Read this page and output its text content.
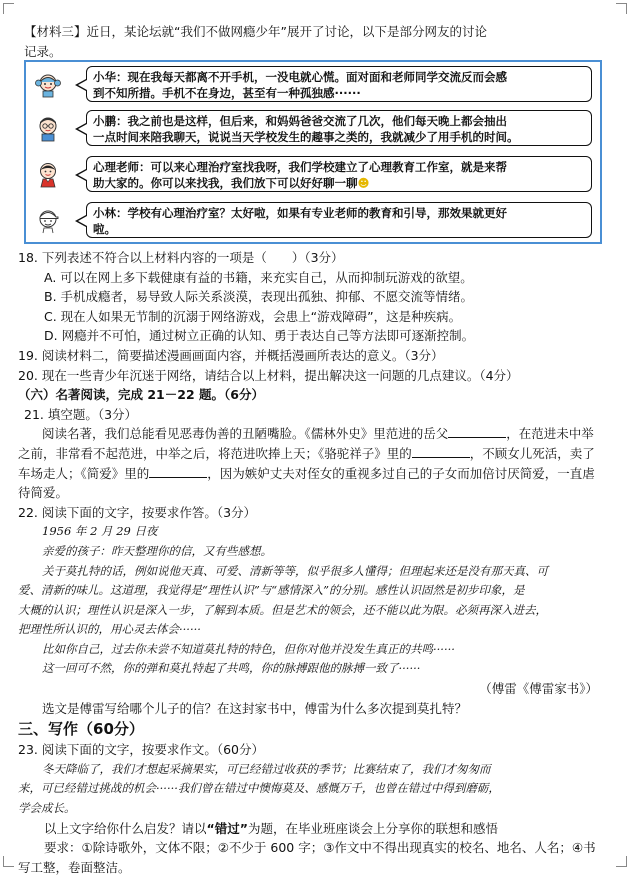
【材料三】近日，某论坛就“我们不做网瘾少年”展开了讨论，以下是部分网友的讨论
记录。
小华：现在我每天都离不开手机，一没电就心慌。面对面和老师同学交流反而会感
到不知所措。手机不在身边，甚至有一种孤独感······
小鹏：我之前也是这样，但后来，和妈妈爸爸交流了几次，他们每天晚上都会抽出
一点时间来陪我聊天，说说当天学校发生的趣事之类的，我就减少了用手机的时间。
心理老师：可以来心理治疗室找我呀，我们学校建立了心理教育工作室，就是来帮
助大家的。你可以来找我，我们放下可以好好聊一聊☻
小林：学校有心理治疗室？太好啦，如果有专业老师的教育和引导，那效果就更好
啦。
18. 下列表述不符合以上材料内容的一项是（　　）（3分）
A. 可以在网上多下载健康有益的书籍，来充实自己，从而抑制玩游戏的欲望。
B. 手机成瘾者，易导致人际关系淡漠，表现出孤独、抑郁、不愿交流等情绪。
C. 现在人如果无节制的沉溺于网络游戏，会患上“游戏障碍”，这是种疾病。
D. 网瘾并不可怕，通过树立正确的认知、勇于表达自己等方法即可逐渐控制。
19. 阅读材料二，简要描述漫画画面内容，并概括漫画所表达的意义。（3分）
20. 现在一些青少年沉迷于网络，请结合以上材料，提出解决这一问题的几点建议。（4分）
（六）名著阅读，完成 21－22 题。（6分）
21. 填空题。（3分）
阅读名著，我们总能看见恶毒伪善的丑陋嘴脸。《儒林外史》里范进的岳父	，在范进未中举
之前，非常看不起范进，中举之后，将范进吹捧上天；《骆驼祥子》里的	，不顾女儿死活，卖了
车场走人；《简爱》里的	，因为嫉妒丈夫对侄女的重视多过自己的子女而加倍讨厌简爱，一直虐
待简爱。
22. 阅读下面的文字，按要求作答。（3分）
1956 年 2 月 29 日夜
亲爱的孩子：昨天整理你的信，又有些感想。
关于莫扎特的话，例如说他天真、可爱、清新等等，似乎很多人懂得；但理起来还是没有那天真、可
爱、清新的味儿。这道理，我觉得是“理性认识”与“感情深入”的分别。感性认识固然是初步印象，是
大概的认识；理性认识是深入一步，了解到本质。但是艺术的领会，还不能以此为限。必须再深入进去，
把理性所认识的，用心灵去体会······
比如你自己，过去你未尝不知道莫扎特的特色，但你对他并没发生真正的共鸣······
这一回可不然，你的弹和莫扎特起了共鸣，你的脉搏跟他的脉搏一致了······
（傅雷《傅雷家书》）
选文是傅雷写给哪个儿子的信？在这封家书中，傅雷为什么多次提到莫扎特？
三、写作（60分）
23. 阅读下面的文字，按要求作文。（60分）
冬天降临了，我们才想起采摘果实，可已经错过收获的季节；比赛结束了，我们才匆匆而
来，可已经错过挑战的机会······我们曾在错过中懊悔莫及、感慨万千，也曾在错过中得到磨砺，
学会成长。
以上文字给你什么启发？请以“错过”为题，在毕业班座谈会上分享你的联想和感悟
要求：①除诗歌外，文体不限；②不少于 600 字；③作文中不得出现真实的校名、地名、人名；④书
写工整，卷面整洁。
